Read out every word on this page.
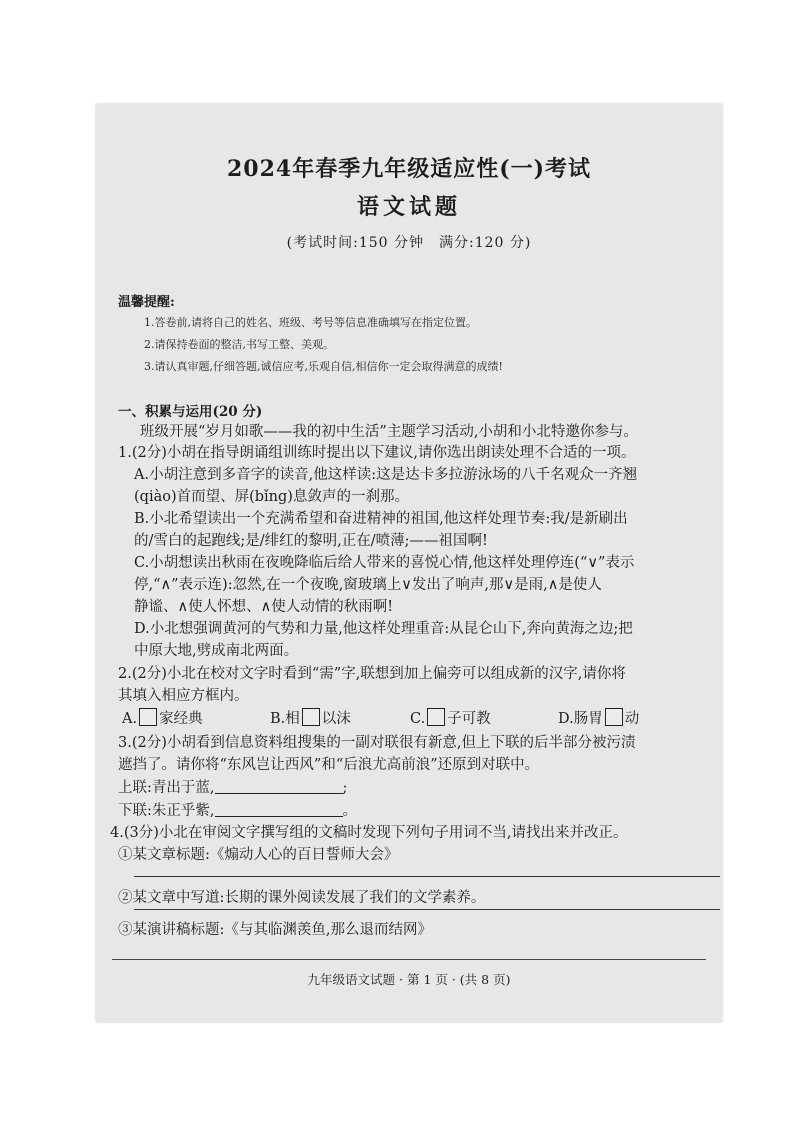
2024年春季九年级适应性(一)考试
语文试题
(考试时间:150 分钟　满分:120 分)
温馨提醒:
1.答卷前,请将自己的姓名、班级、考号等信息准确填写在指定位置。
2.请保持卷面的整洁,书写工整、美观。
3.请认真审题,仔细答题,诚信应考,乐观自信,相信你一定会取得满意的成绩!
一、积累与运用(20 分)
班级开展“岁月如歌——我的初中生活”主题学习活动,小胡和小北特邀你参与。
1.(2分)小胡在指导朗诵组训练时提出以下建议,请你选出朗读处理不合适的一项。
A.小胡注意到多音字的读音,他这样读:这是达卡多拉游泳场的八千名观众一齐翘
(qiào)首而望、屏(bǐng)息敛声的一刹那。
B.小北希望读出一个充满希望和奋进精神的祖国,他这样处理节奏:我/是新刷出
的/雪白的起跑线;是/绯红的黎明,正在/喷薄;——祖国啊!
C.小胡想读出秋雨在夜晚降临后给人带来的喜悦心情,他这样处理停连(“∨”表示
停,“∧”表示连):忽然,在一个夜晚,窗玻璃上∨发出了响声,那∨是雨,∧是使人
静谧、∧使人怀想、∧使人动情的秋雨啊!
D.小北想强调黄河的气势和力量,他这样处理重音:从昆仑山下,奔向黄海之边;把
中原大地,劈成南北两面。
2.(2分)小北在校对文字时看到“需”字,联想到加上偏旁可以组成新的汉字,请你将
其填入相应方框内。
A. 家经典	B.相 以沫	C. 子可教	D.肠胃 动
3.(2分)小胡看到信息资料组搜集的一副对联很有新意,但上下联的后半部分被污渍
遮挡了。请你将“东风岂让西风”和“后浪尤高前浪”还原到对联中。
上联:青出于蓝,	;
下联:朱正乎紫,	。
4.(3分)小北在审阅文字撰写组的文稿时发现下列句子用词不当,请找出来并改正。
①某文章标题:《煽动人心的百日誓师大会》
②某文章中写道:长期的课外阅读发展了我们的文学素养。
③某演讲稿标题:《与其临渊羡鱼,那么退而结网》
九年级语文试题 · 第 1 页 · (共 8 页)
